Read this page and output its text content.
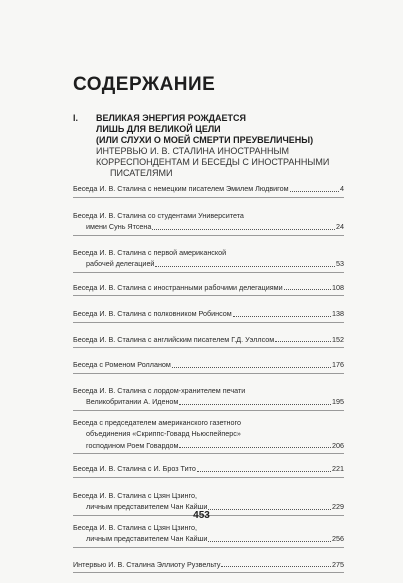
СОДЕРЖАНИЕ
I.	ВЕЛИКАЯ ЭНЕРГИЯ РОЖДАЕТСЯ
ЛИШЬ ДЛЯ ВЕЛИКОЙ ЦЕЛИ
(ИЛИ СЛУХИ О МОЕЙ СМЕРТИ ПРЕУВЕЛИЧЕНЫ)
ИНТЕРВЬЮ И. В. СТАЛИНА ИНОСТРАННЫМ
КОРРЕСПОНДЕНТАМ И БЕСЕДЫ С ИНОСТРАННЫМИ
ПИСАТЕЛЯМИ
Беседа И. В. Сталина с немецким писателем Эмилем Людвигом	4
Беседа И. В. Сталина со студентами Университета
имени Сунь Ятсена	24
Беседа И. В. Сталина с первой американской
рабочей делегацией	53
Беседа И. В. Сталина с иностранными рабочими делегациями	108
Беседа И. В. Сталина с полковником Робинсом	138
Беседа И. В. Сталина с английским писателем Г.Д. Уэллсом	152
Беседа с Роменом Ролланом	176
Беседа И. В. Сталина с лордом-хранителем печати
Великобритании А. Иденом	195
Беседа с председателем американского газетного
объединения «Скриппс-Говард Ньюспейперс»
господином Роем Говардом	206
Беседа И. В. Сталина с И. Броз Тито	221
Беседа И. В. Сталина с Цзян Цзинго,
личным представителем Чан Кайши	229
Беседа И. В. Сталина с Цзян Цзинго,
личным представителем Чан Кайши	256
Интервью И. В. Сталина Эллиоту Рузвельту	275
453
